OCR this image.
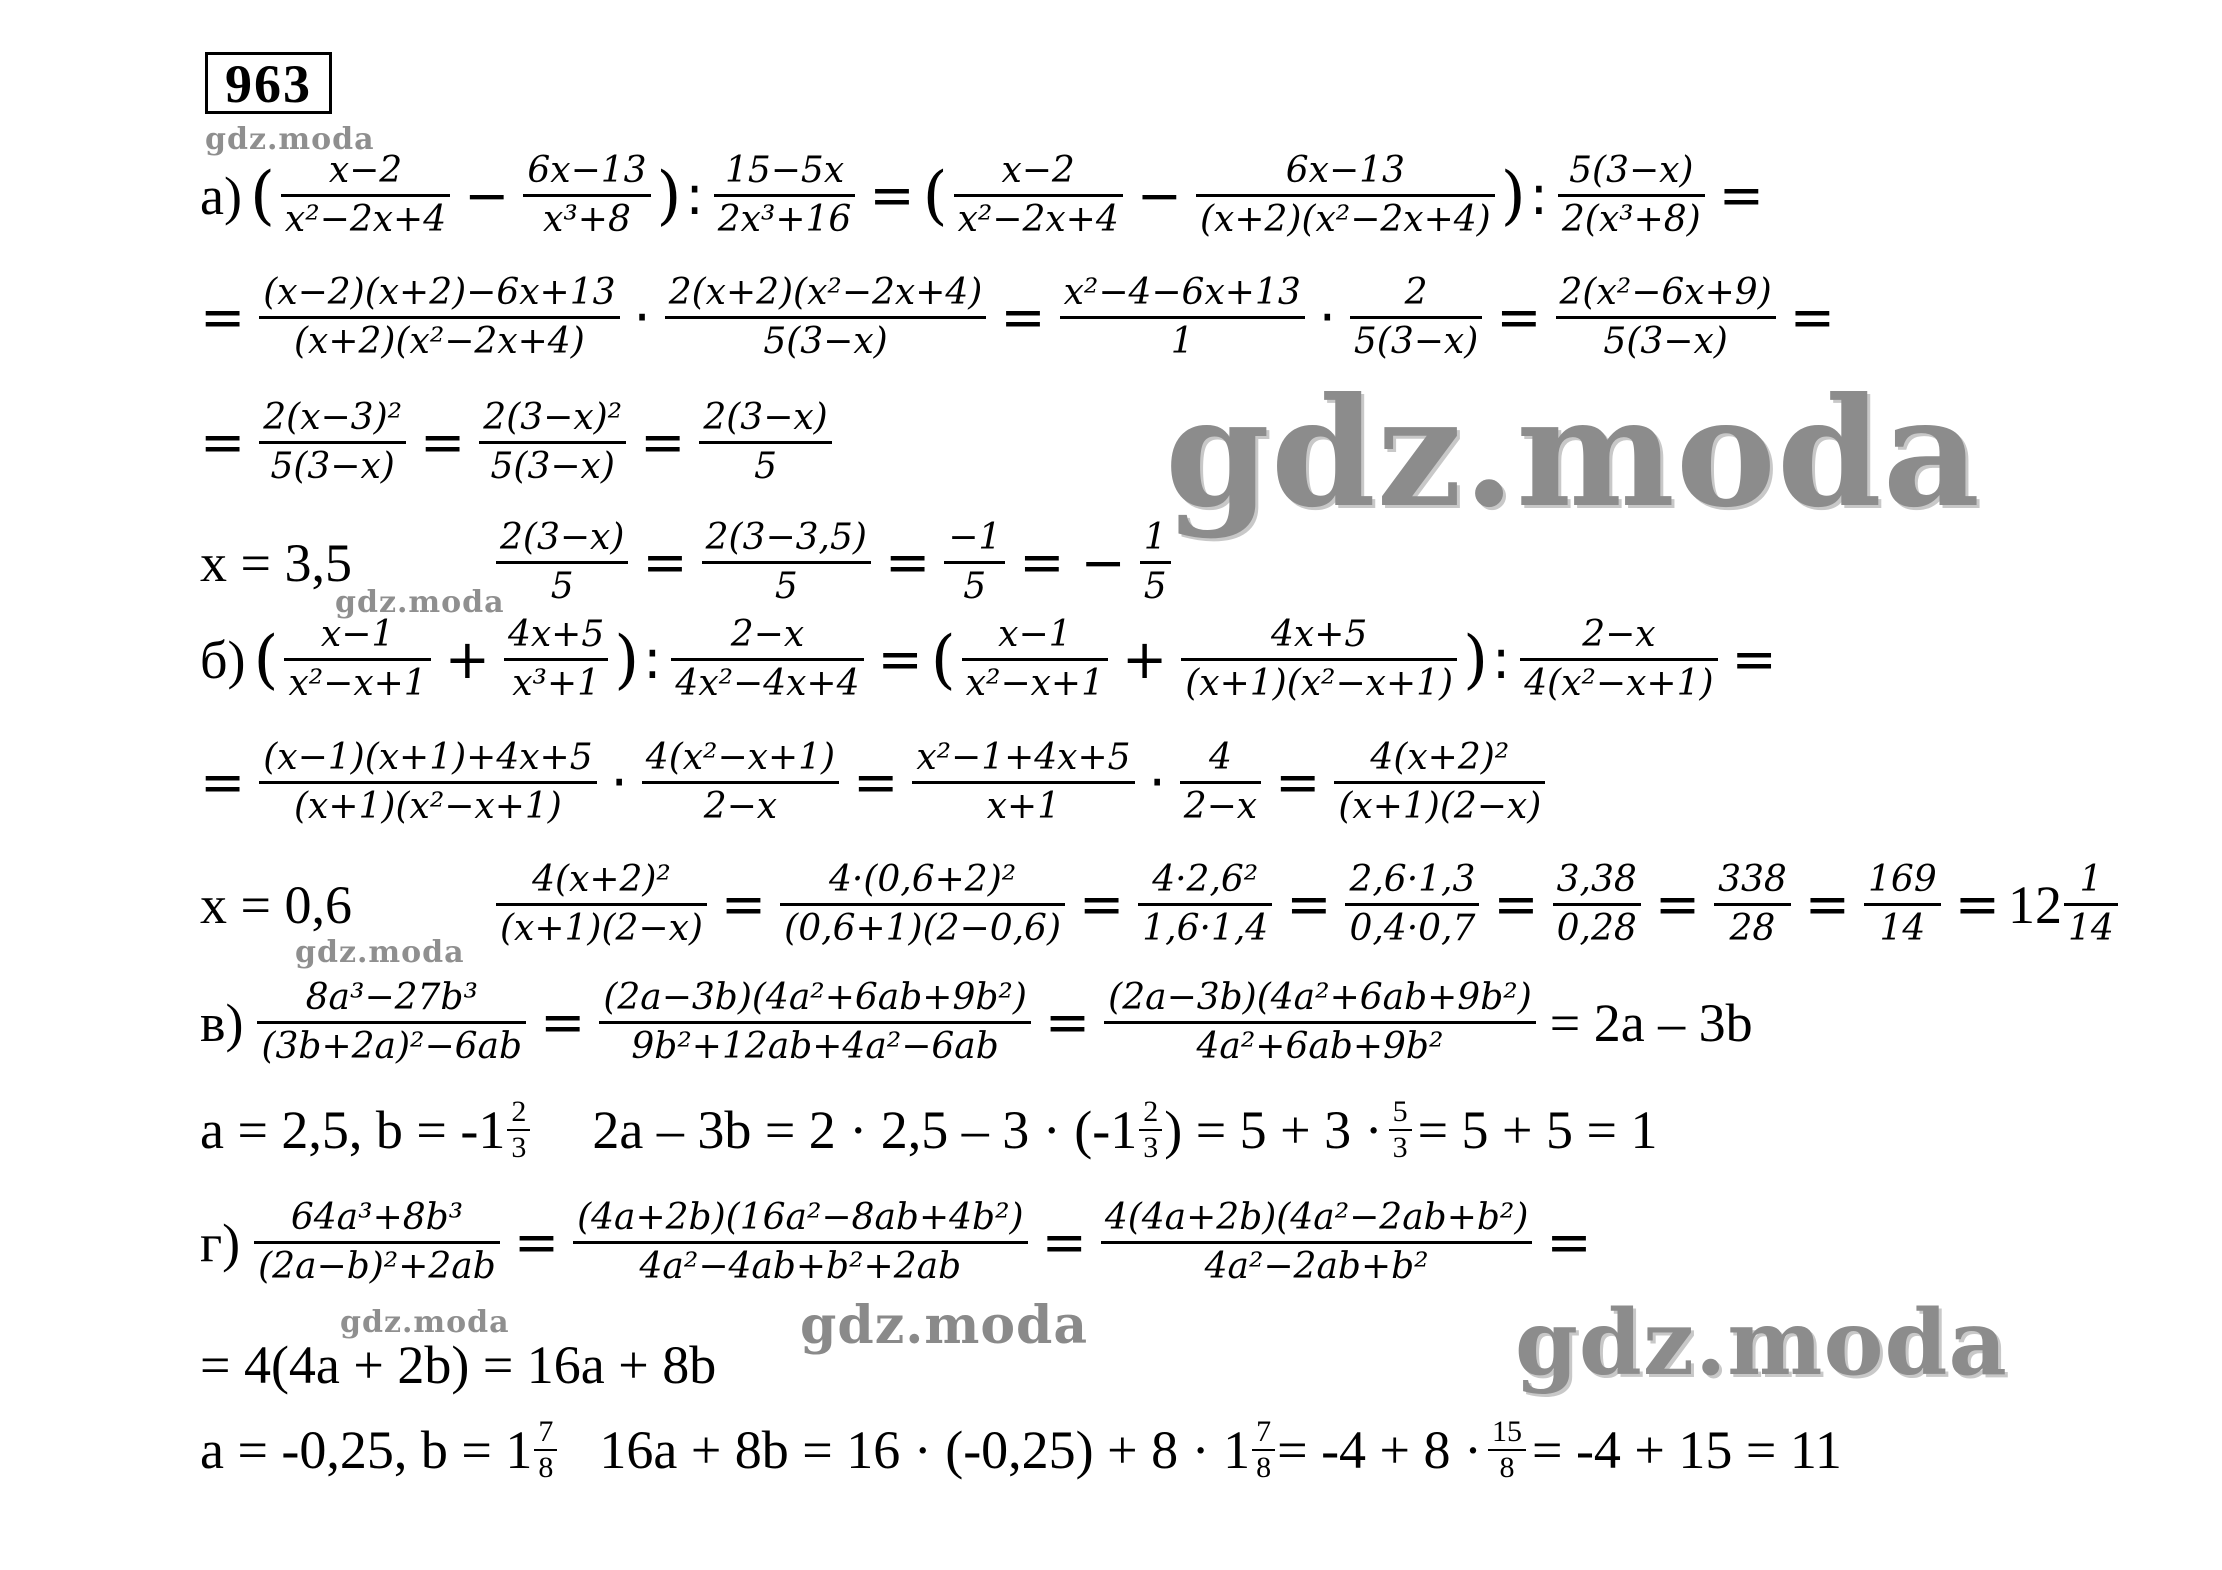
963
gdz.moda
gdz.moda
gdz.moda
gdz.moda
gdz.moda	gdz.moda	gdz.moda
а) ( $\frac{x-2}{\text{x²−2x+4}} - \frac{6x-13}{\text{x³+8}}$ ) : $\frac{15-5x}{\text{2x³+16}}$ = ( $\frac{x-2}{\text{x²−2x+4}} - \frac{6x-13}{\text{(x+2)(x²−2x+4)}}$ ) : $\frac{5(3-x)}{\text{2(x³+8)}}$ =
= $\frac{(x-2)(x+2)-6x+13}{\text{(x+2)(x²−2x+4)}} \cdot \frac{\text{2(x+2)(x²−2x+4)}}{5(3-x)} = \frac{\text{x²−4−6x+13}}{1} \cdot \frac{2}{5(3-x)} = \frac{\text{2(x²−6x+9)}}{5(3-x)}$ =
= $\frac{\text{2(x−3)²}}{5(3-x)} = \frac{\text{2(3−x)²}}{5(3-x)} = \frac{2(3-x)}{5}$
x = 3,5	$\frac{2(3-x)}{5} = \frac{2(3-3,5)}{5} = \frac{-1}{5}$ = − $\frac{1}{5}$
б) ( $\frac{x-1}{\text{x²−x+1}} + \frac{4x+5}{\text{x³+1}}$ ) : $\frac{2-x}{\text{4x²−4x+4}}$ = ( $\frac{x-1}{\text{x²−x+1}} + \frac{4x+5}{\text{(x+1)(x²−x+1)}}$ ) : $\frac{2-x}{\text{4(x²−x+1)}}$ =
= $\frac{(x-1)(x+1)+4x+5}{\text{(x+1)(x²−x+1)}} \cdot \frac{\text{4(x²−x+1)}}{2-x} = \frac{\text{x²−1+4x+5}}{x+1} \cdot \frac{4}{2-x} = \frac{\text{4(x+2)²}}{(x+1)(2-x)}$
x = 0,6	$\frac{\text{4(x+2)²}}{(x+1)(2-x)} = \frac{\text{4·(0,6+2)²}}{(0,6+1)(2-0,6)} = \frac{\text{4·2,6²}}{1,6\cdot 1,4} = \frac{2,6\cdot 1,3}{0,4\cdot 0,7} = \frac{3,38}{0,28} = \frac{338}{28} = \frac{169}{14} = 12 \frac{1}{14}$
$в) \frac{\text{8a³−27b³}}{\text{(3b+2a)²−6ab}} = \frac{\text{(2a−3b)(4a²+6ab+9b²)}}{\text{9b²+12ab+4a²−6ab}} = \frac{\text{(2a−3b)(4a²+6ab+9b²)}}{\text{4a²+6ab+9b²}} = 2a - 3b$
a = 2,5, $b = -1 \frac{2}{3} 2a - 3b = 2 \cdot 2,5 - 3 \cdot (-1 \frac{2}{3}$ ) = $5 + 3 \cdot \frac{5}{3} = 5 + 5 = 1$
$г) \frac{\text{64a³+8b³}}{\text{(2a−b)²+2ab}} = \frac{\text{(4a+2b)(16a²−8ab+4b²)}}{\text{4a²−4ab+b²+2ab}} = \frac{\text{4(4a+2b)(4a²−2ab+b²)}}{\text{4a²−2ab+b²}}$ =
= 4(4a + 2b) = 16a + 8b
a = -0,25, $b = 1 \frac{7}{8} 16a + 8b = 16 \cdot (-0,25) + 8 \cdot 1 \frac{7}{8} = -4 + 8 \cdot \frac{15}{8} = -4 + 15 = 11$
